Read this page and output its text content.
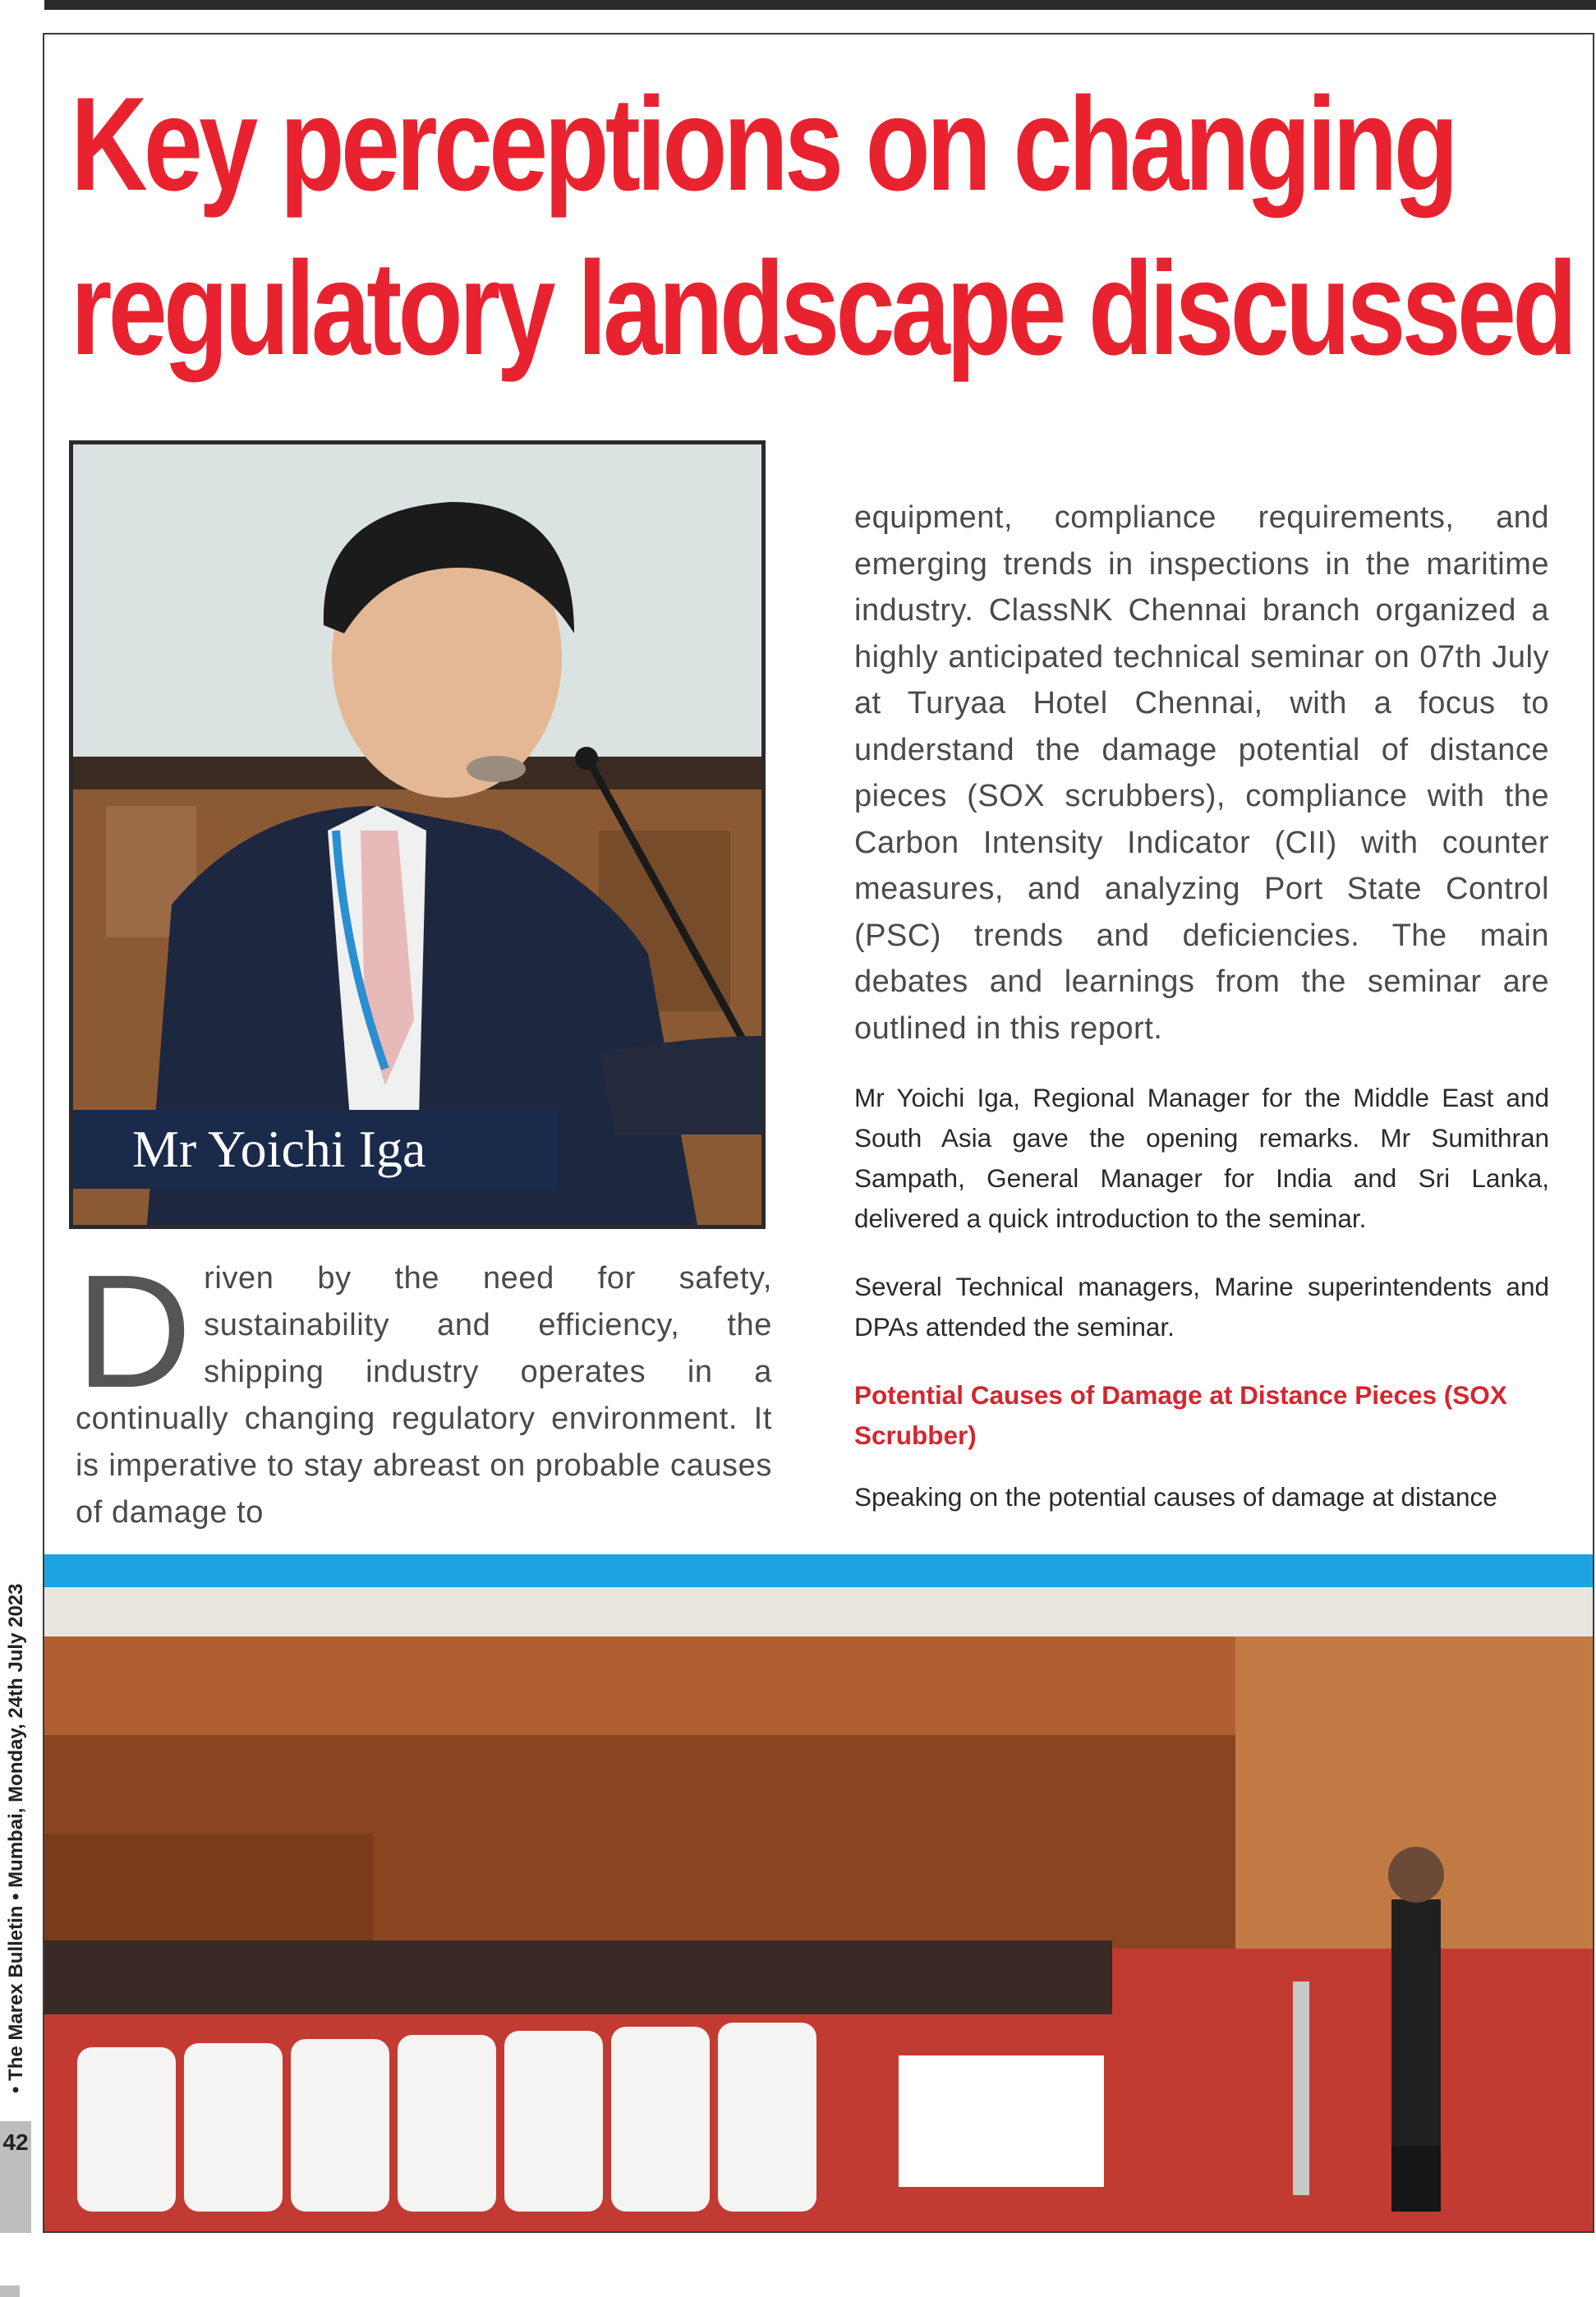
Key perceptions on changing
regulatory landscape discussed
Mr Yoichi Iga

Driven by the need for safety, sustainability and efficiency, the shipping industry operates in a continually changing regulatory environment. It is imperative to stay abreast on probable causes of damage to

equipment, compliance requirements, and emerging trends in inspections in the maritime industry. ClassNK Chennai branch organized a highly anticipated technical seminar on 07th July at Turyaa Hotel Chennai, with a focus to understand the damage potential of distance pieces (SOX scrubbers), compliance with the Carbon Intensity Indicator (CII) with counter measures, and analyzing Port State Control (PSC) trends and deficiencies. The main debates and learnings from the seminar are outlined in this report.

Mr Yoichi Iga, Regional Manager for the Middle East and South Asia gave the opening remarks. Mr Sumithran Sampath, General Manager for India and Sri Lanka, delivered a quick introduction to the seminar.

Several Technical managers, Marine superintendents and DPAs attended the seminar.

Potential Causes of Damage at Distance Pieces (SOX Scrubber)

Speaking on the potential causes of damage at distance

• The Marex Bulletin • Mumbai, Monday, 24th July 2023
42
